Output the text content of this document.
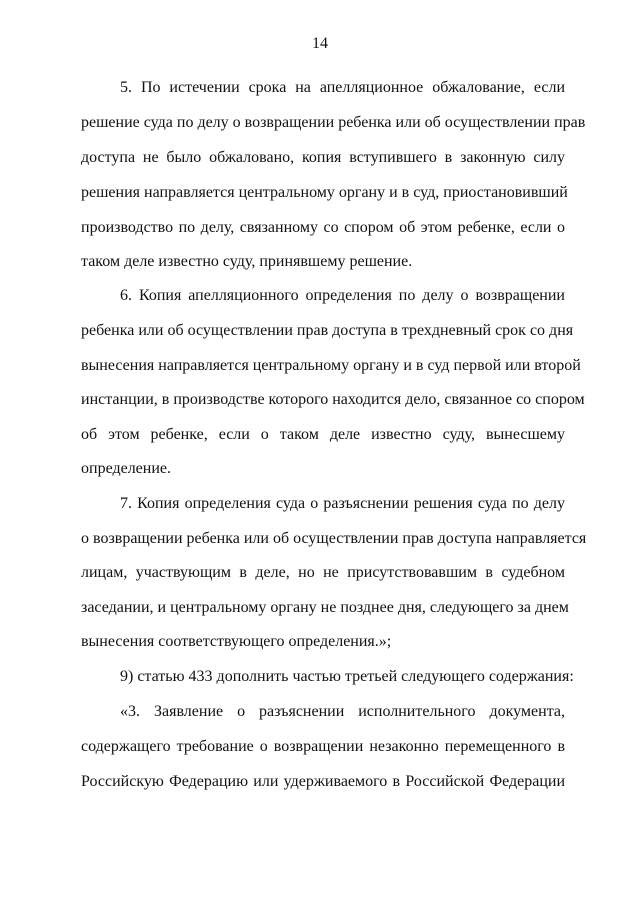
14
5. По истечении срока на апелляционное обжалование, если
решение суда по делу о возвращении ребенка или об осуществлении прав
доступа не было обжаловано, копия вступившего в законную силу
решения направляется центральному органу и в суд, приостановивший
производство по делу, связанному со спором об этом ребенке, если о
таком деле известно суду, принявшему решение.
6. Копия апелляционного определения по делу о возвращении
ребенка или об осуществлении прав доступа в трехдневный срок со дня
вынесения направляется центральному органу и в суд первой или второй
инстанции, в производстве которого находится дело, связанное со спором
об этом ребенке, если о таком деле известно суду, вынесшему
определение.
7. Копия определения суда о разъяснении решения суда по делу
о возвращении ребенка или об осуществлении прав доступа направляется
лицам, участвующим в деле, но не присутствовавшим в судебном
заседании, и центральному органу не позднее дня, следующего за днем
вынесения соответствующего определения.»;
9) статью 433 дополнить частью третьей следующего содержания:
«3. Заявление о разъяснении исполнительного документа,
содержащего требование о возвращении незаконно перемещенного в
Российскую Федерацию или удерживаемого в Российской Федерации
